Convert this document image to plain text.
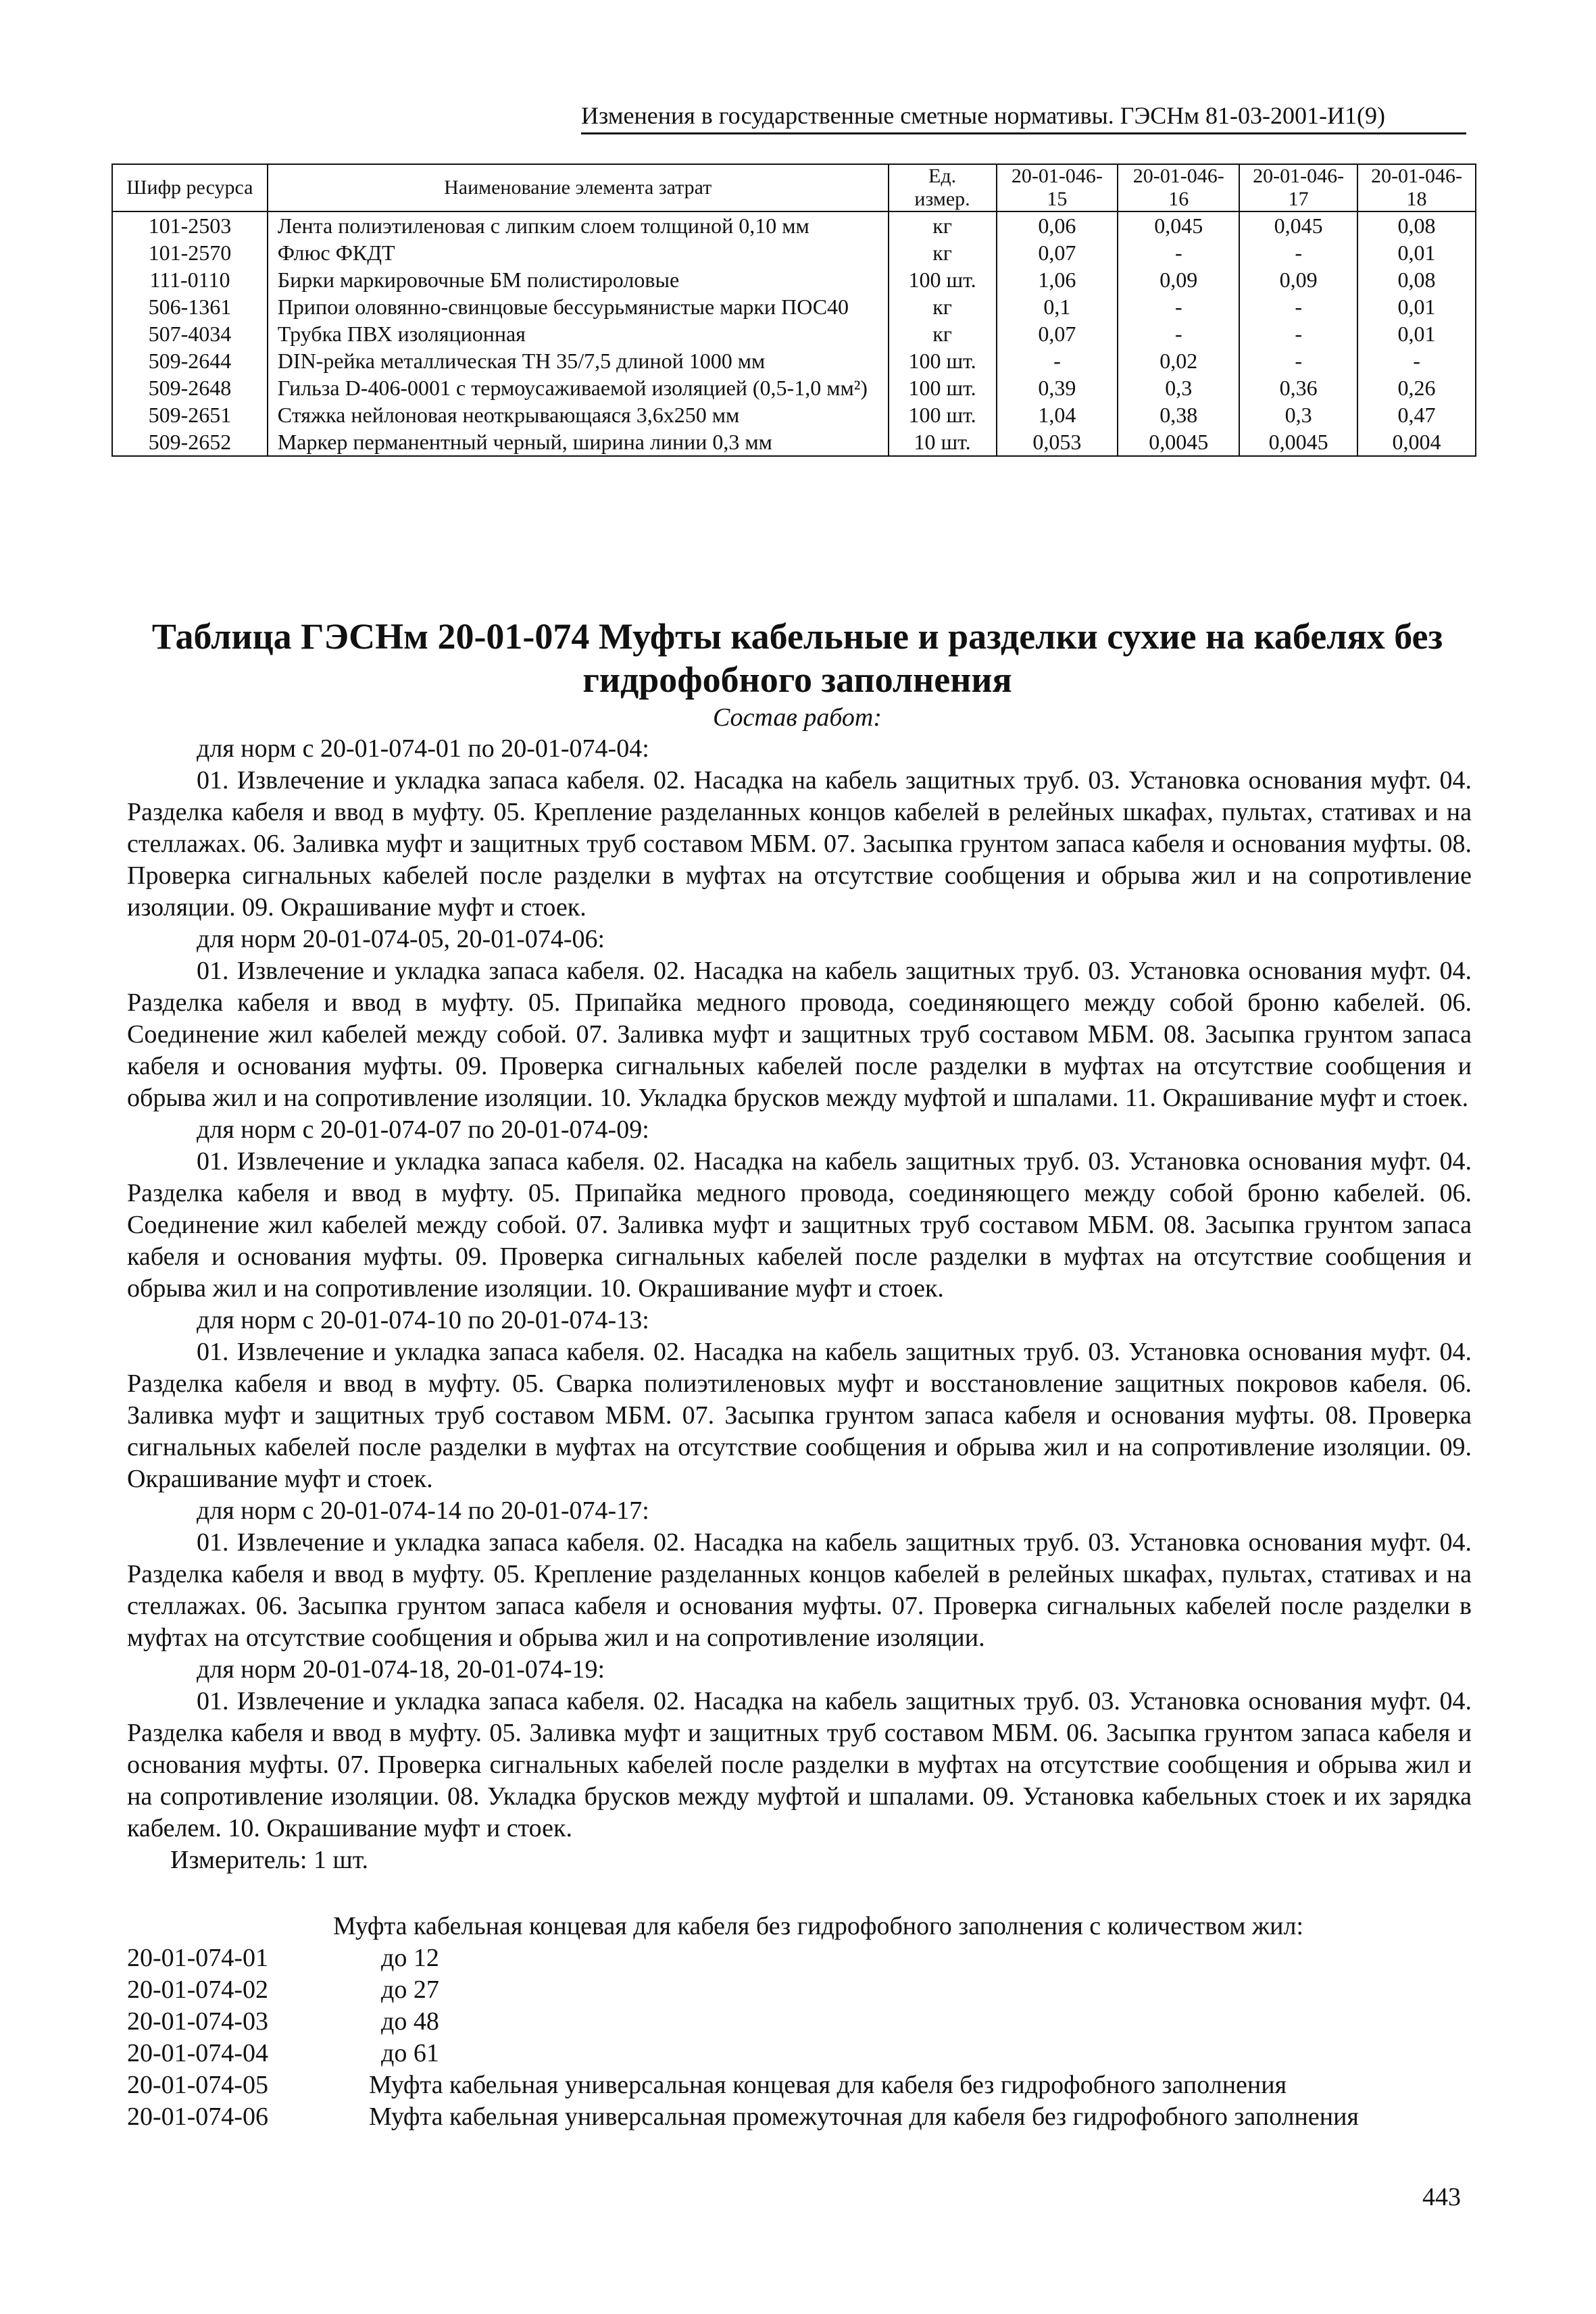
Изменения в государственные сметные нормативы. ГЭСНм 81-03-2001-И1(9)
Шифр ресурса	Наименование элемента затрат	Ед. измер.	20-01-046-15	20-01-046-16	20-01-046-17	20-01-046-18
101-2503	Лента полиэтиленовая с липким слоем толщиной 0,10 мм	кг	0,06	0,045	0,045	0,08
101-2570	Флюс ФКДТ	кг	0,07	-	-	0,01
111-0110	Бирки маркировочные БМ полистироловые	100 шт.	1,06	0,09	0,09	0,08
506-1361	Припои оловянно-свинцовые бессурьмянистые марки ПОС40	кг	0,1	-	-	0,01
507-4034	Трубка ПВХ изоляционная	кг	0,07	-	-	0,01
509-2644	DIN-рейка металлическая ТН 35/7,5 длиной 1000 мм	100 шт.	-	0,02	-	-
509-2648	Гильза D-406-0001 с термоусаживаемой изоляцией (0,5-1,0 мм²)	100 шт.	0,39	0,3	0,36	0,26
509-2651	Стяжка нейлоновая неоткрывающаяся 3,6х250 мм	100 шт.	1,04	0,38	0,3	0,47
509-2652	Маркер перманентный черный, ширина линии 0,3 мм	10 шт.	0,053	0,0045	0,0045	0,004
Таблица ГЭСНм 20-01-074 Муфты кабельные и разделки сухие на кабелях без гидрофобного заполнения
Состав работ:
для норм с 20-01-074-01 по 20-01-074-04:

01. Извлечение и укладка запаса кабеля. 02. Насадка на кабель защитных труб. 03. Установка основания муфт. 04. Разделка кабеля и ввод в муфту. 05. Крепление разделанных концов кабелей в релейных шкафах, пультах, стативах и на стеллажах. 06. Заливка муфт и защитных труб составом МБМ. 07. Засыпка грунтом запаса кабеля и основания муфты. 08. Проверка сигнальных кабелей после разделки в муфтах на отсутствие сообщения и обрыва жил и на сопротивление изоляции. 09. Окрашивание муфт и стоек.

для норм 20-01-074-05, 20-01-074-06:

01. Извлечение и укладка запаса кабеля. 02. Насадка на кабель защитных труб. 03. Установка основания муфт. 04. Разделка кабеля и ввод в муфту. 05. Припайка медного провода, соединяющего между собой броню кабелей. 06. Соединение жил кабелей между собой. 07. Заливка муфт и защитных труб составом МБМ. 08. Засыпка грунтом запаса кабеля и основания муфты. 09. Проверка сигнальных кабелей после разделки в муфтах на отсутствие сообщения и обрыва жил и на сопротивление изоляции. 10. Укладка брусков между муфтой и шпалами. 11. Окрашивание муфт и стоек.

для норм с 20-01-074-07 по 20-01-074-09:

01. Извлечение и укладка запаса кабеля. 02. Насадка на кабель защитных труб. 03. Установка основания муфт. 04. Разделка кабеля и ввод в муфту. 05. Припайка медного провода, соединяющего между собой броню кабелей. 06. Соединение жил кабелей между собой. 07. Заливка муфт и защитных труб составом МБМ. 08. Засыпка грунтом запаса кабеля и основания муфты. 09. Проверка сигнальных кабелей после разделки в муфтах на отсутствие сообщения и обрыва жил и на сопротивление изоляции. 10. Окрашивание муфт и стоек.

для норм с 20-01-074-10 по 20-01-074-13:

01. Извлечение и укладка запаса кабеля. 02. Насадка на кабель защитных труб. 03. Установка основания муфт. 04. Разделка кабеля и ввод в муфту. 05. Сварка полиэтиленовых муфт и восстановление защитных покровов кабеля. 06. Заливка муфт и защитных труб составом МБМ. 07. Засыпка грунтом запаса кабеля и основания муфты. 08. Проверка сигнальных кабелей после разделки в муфтах на отсутствие сообщения и обрыва жил и на сопротивление изоляции. 09. Окрашивание муфт и стоек.

для норм с 20-01-074-14 по 20-01-074-17:

01. Извлечение и укладка запаса кабеля. 02. Насадка на кабель защитных труб. 03. Установка основания муфт. 04. Разделка кабеля и ввод в муфту. 05. Крепление разделанных концов кабелей в релейных шкафах, пультах, стативах и на стеллажах. 06. Засыпка грунтом запаса кабеля и основания муфты. 07. Проверка сигнальных кабелей после разделки в муфтах на отсутствие сообщения и обрыва жил и на сопротивление изоляции.

для норм 20-01-074-18, 20-01-074-19:

01. Извлечение и укладка запаса кабеля. 02. Насадка на кабель защитных труб. 03. Установка основания муфт. 04. Разделка кабеля и ввод в муфту. 05. Заливка муфт и защитных труб составом МБМ. 06. Засыпка грунтом запаса кабеля и основания муфты. 07. Проверка сигнальных кабелей после разделки в муфтах на отсутствие сообщения и обрыва жил и на сопротивление изоляции. 08. Укладка брусков между муфтой и шпалами. 09. Установка кабельных стоек и их зарядка кабелем. 10. Окрашивание муфт и стоек.

Измеритель: 1 шт.
Муфта кабельная концевая для кабеля без гидрофобного заполнения с количеством жил:
20-01-074-01	до 12
20-01-074-02	до 27
20-01-074-03	до 48
20-01-074-04	до 61
20-01-074-05	Муфта кабельная универсальная концевая для кабеля без гидрофобного заполнения
20-01-074-06	Муфта кабельная универсальная промежуточная для кабеля без гидрофобного заполнения
443
